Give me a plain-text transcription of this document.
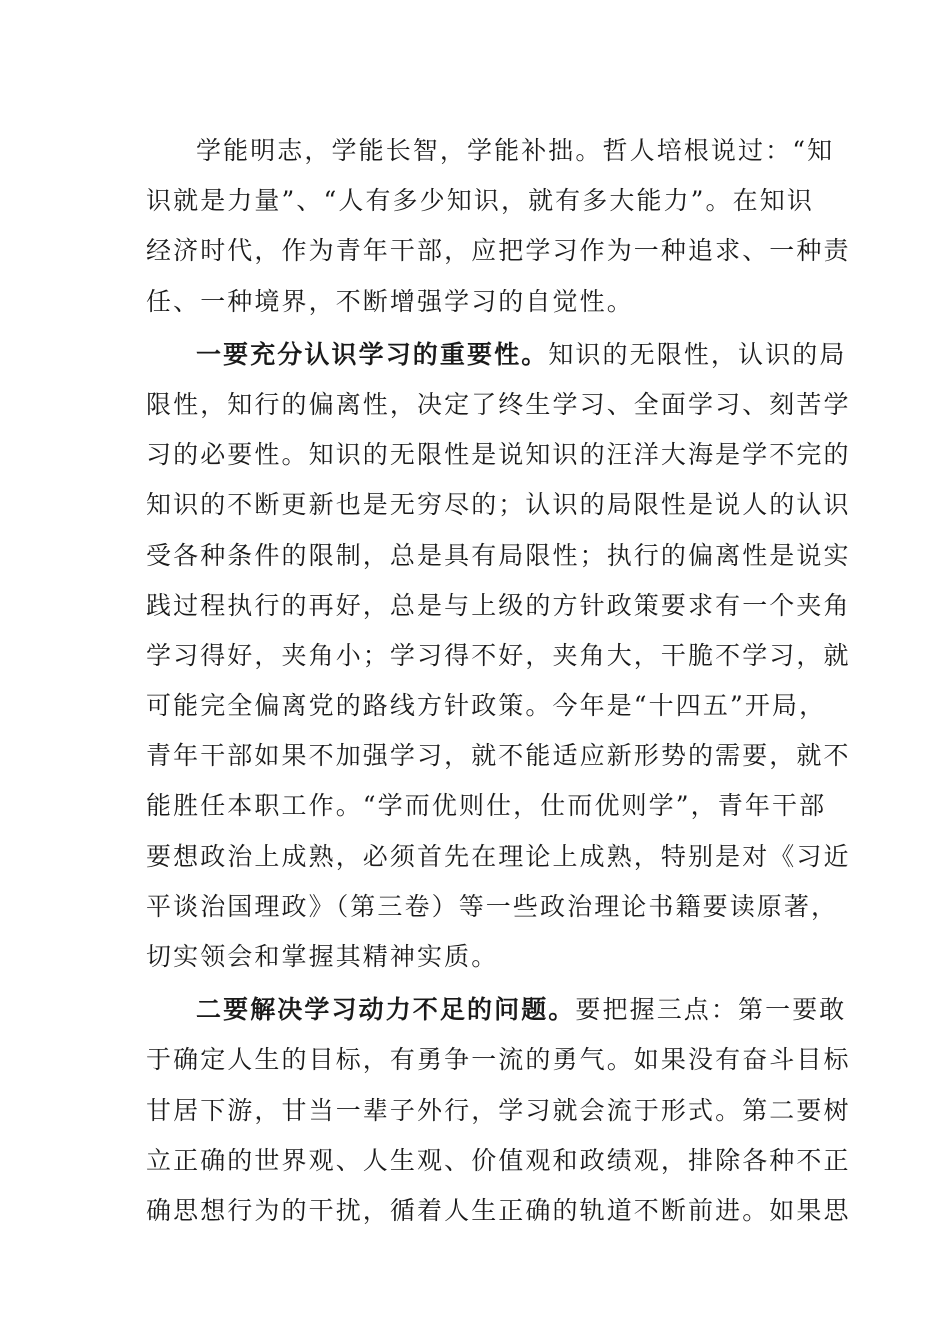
学能明志，学能长智，学能补拙。哲人培根说过：“知
识就是力量”、“人有多少知识，就有多大能力”。在知识
经济时代，作为青年干部，应把学习作为一种追求、一种责
任、一种境界，不断增强学习的自觉性。
一要充分认识学习的重要性。知识的无限性，认识的局
限性，知行的偏离性，决定了终生学习、全面学习、刻苦学
习的必要性。知识的无限性是说知识的汪洋大海是学不完的
知识的不断更新也是无穷尽的；认识的局限性是说人的认识
受各种条件的限制，总是具有局限性；执行的偏离性是说实
践过程执行的再好，总是与上级的方针政策要求有一个夹角
学习得好，夹角小；学习得不好，夹角大，干脆不学习，就
可能完全偏离党的路线方针政策。今年是“十四五”开局，
青年干部如果不加强学习，就不能适应新形势的需要，就不
能胜任本职工作。“学而优则仕，仕而优则学”，青年干部
要想政治上成熟，必须首先在理论上成熟，特别是对《习近
平谈治国理政》（第三卷）等一些政治理论书籍要读原著，
切实领会和掌握其精神实质。
二要解决学习动力不足的问题。要把握三点：第一要敢
于确定人生的目标，有勇争一流的勇气。如果没有奋斗目标
甘居下游，甘当一辈子外行，学习就会流于形式。第二要树
立正确的世界观、人生观、价值观和政绩观，排除各种不正
确思想行为的干扰，循着人生正确的轨道不断前进。如果思
